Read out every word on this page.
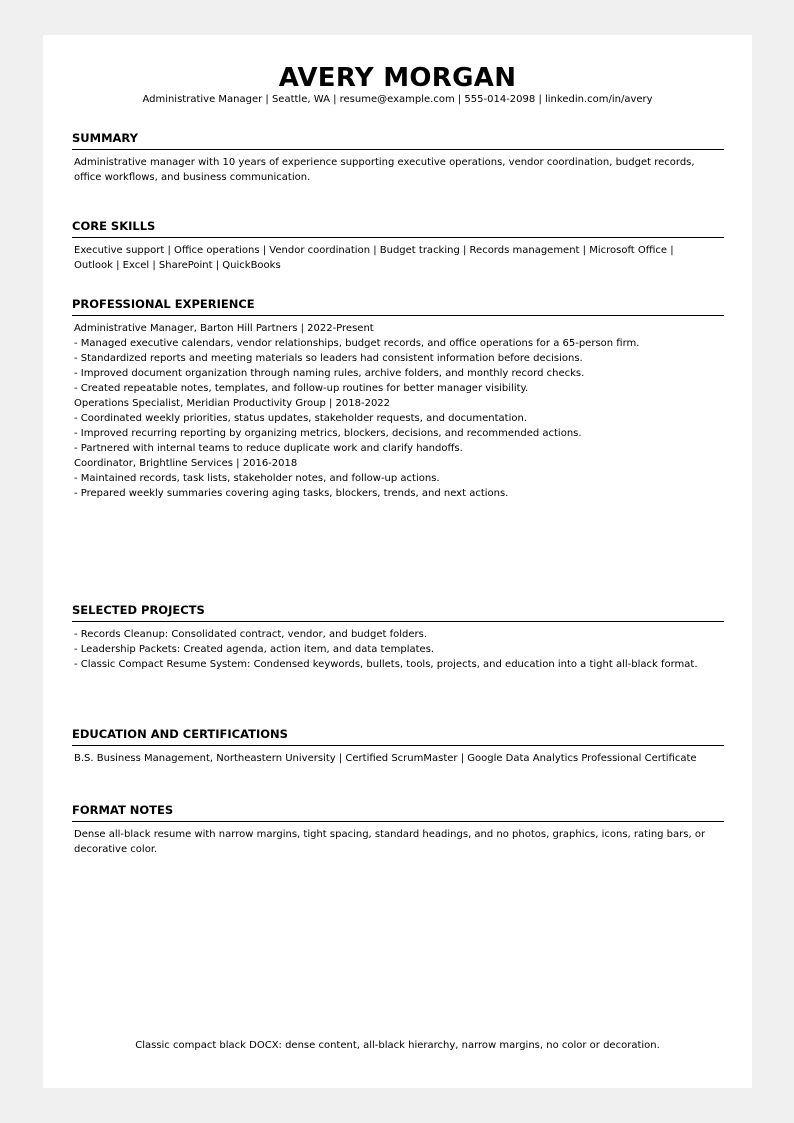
AVERY MORGAN
Administrative Manager | Seattle, WA | resume@example.com | 555-014-2098 | linkedin.com/in/avery
SUMMARY
Administrative manager with 10 years of experience supporting executive operations, vendor coordination, budget records,
office workflows, and business communication.
CORE SKILLS
Executive support | Office operations | Vendor coordination | Budget tracking | Records management | Microsoft Office |
Outlook | Excel | SharePoint | QuickBooks
PROFESSIONAL EXPERIENCE
Administrative Manager, Barton Hill Partners | 2022-Present
- Managed executive calendars, vendor relationships, budget records, and office operations for a 65-person firm.
- Standardized reports and meeting materials so leaders had consistent information before decisions.
- Improved document organization through naming rules, archive folders, and monthly record checks.
- Created repeatable notes, templates, and follow-up routines for better manager visibility.
Operations Specialist, Meridian Productivity Group | 2018-2022
- Coordinated weekly priorities, status updates, stakeholder requests, and documentation.
- Improved recurring reporting by organizing metrics, blockers, decisions, and recommended actions.
- Partnered with internal teams to reduce duplicate work and clarify handoffs.
Coordinator, Brightline Services | 2016-2018
- Maintained records, task lists, stakeholder notes, and follow-up actions.
- Prepared weekly summaries covering aging tasks, blockers, trends, and next actions.
SELECTED PROJECTS
- Records Cleanup: Consolidated contract, vendor, and budget folders.
- Leadership Packets: Created agenda, action item, and data templates.
- Classic Compact Resume System: Condensed keywords, bullets, tools, projects, and education into a tight all-black format.
EDUCATION AND CERTIFICATIONS
B.S. Business Management, Northeastern University | Certified ScrumMaster | Google Data Analytics Professional Certificate
FORMAT NOTES
Dense all-black resume with narrow margins, tight spacing, standard headings, and no photos, graphics, icons, rating bars, or
decorative color.
Classic compact black DOCX: dense content, all-black hierarchy, narrow margins, no color or decoration.
